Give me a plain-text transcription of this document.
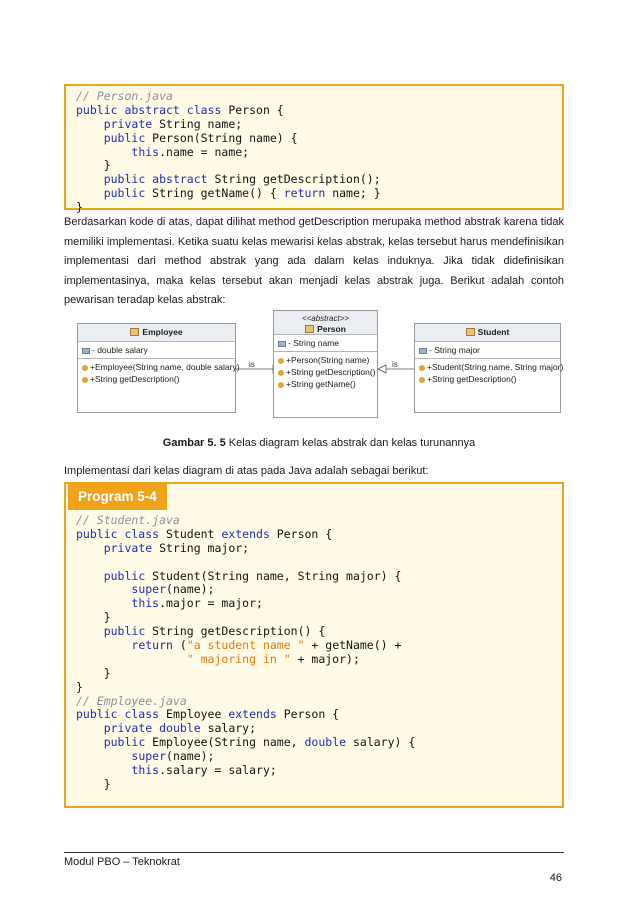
// Person.java
public abstract class Person {
private String name;
public Person(String name) {
this.name = name;
}
public abstract String getDescription();
public String getName() { return name; }
}
Berdasarkan kode di atas, dapat dilihat method getDescription merupaka method abstrak karena tidak memiliki implementasi. Ketika suatu kelas mewarisi kelas abstrak, kelas tersebut harus mendefinisikan implementasi dari method abstrak yang ada dalam kelas induknya. Jika tidak didefinisikan implementasinya, maka kelas tersebut akan menjadi kelas abstrak juga. Berikut adalah contoh pewarisan teradap kelas abstrak:
is	is
Employee
- double salary
+Employee(String name, double salary)
+String getDescription()
<<abstract>>
Person
- String name
+Person(String name)
+String getDescription()
+String getName()
Student
- String major
+Student(String name, String major)
+String getDescription()
Gambar 5. 5 Kelas diagram kelas abstrak dan kelas turunannya
Implementasi dari kelas diagram di atas pada Java adalah sebagai berikut:
// Student.java
public class Student extends Person {
private String major;

public Student(String name, String major) {
super(name);
this.major = major;
}
public String getDescription() {
return ("a student name " + getName() +
" majoring in " + major);
}
}
// Employee.java
public class Employee extends Person {
private double salary;
public Employee(String name, double salary) {
super(name);
this.salary = salary;
}
Program 5-4
Modul PBO – Teknokrat
46
